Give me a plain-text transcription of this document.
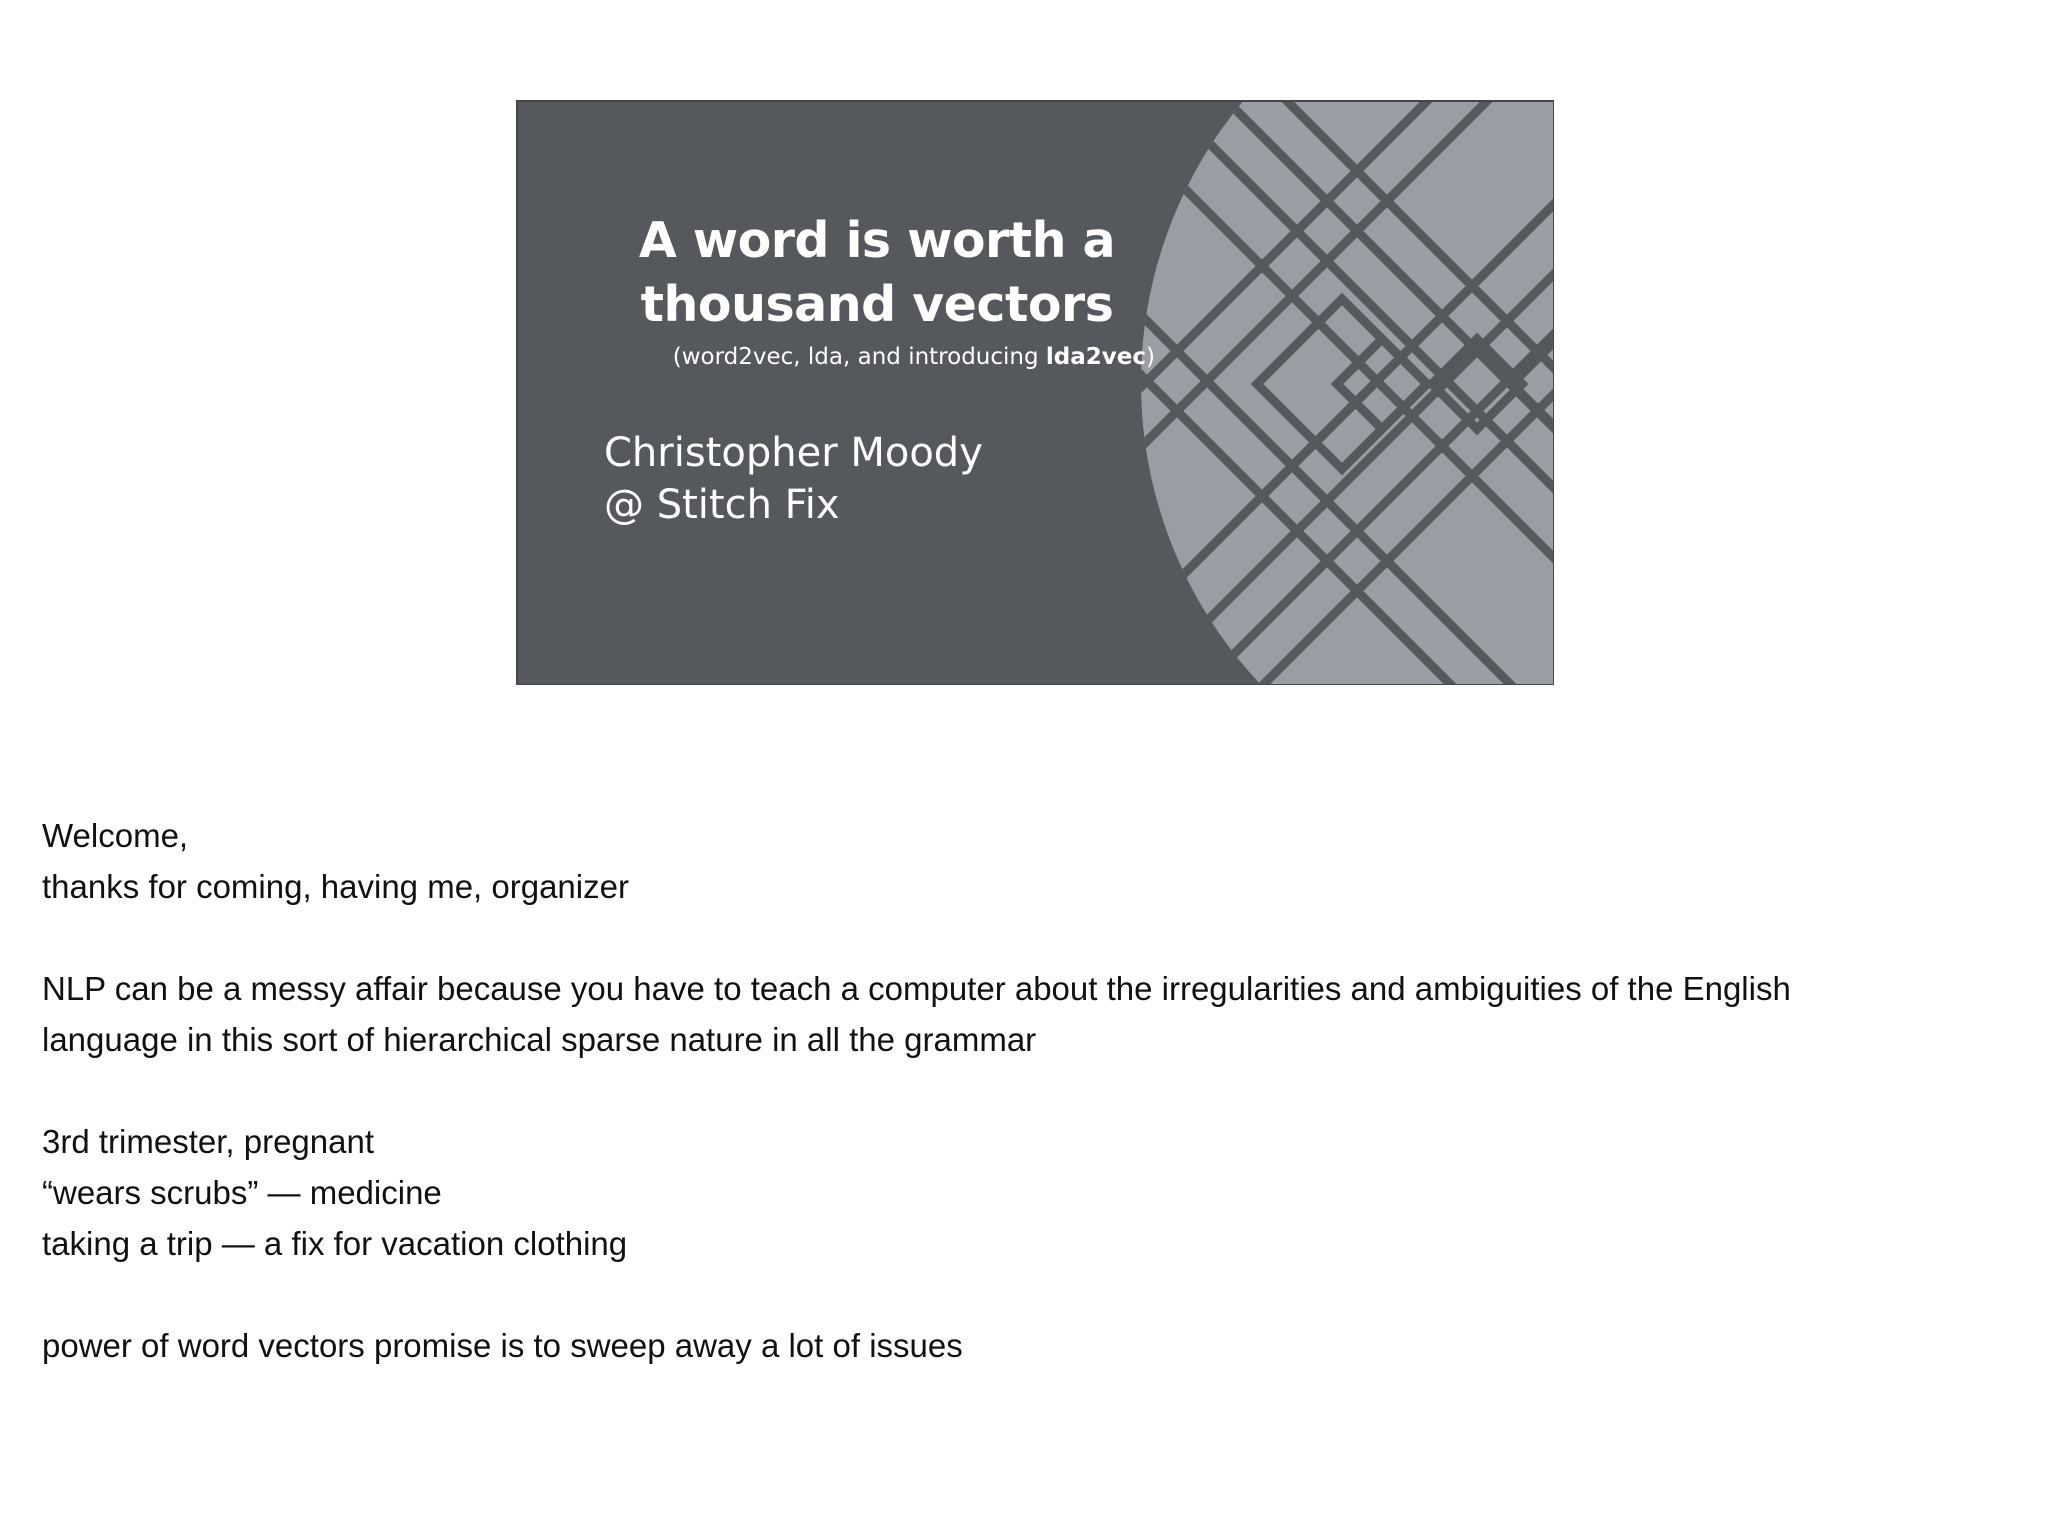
A word is worth a
thousand vectors
(word2vec, lda, and introducing lda2vec)
Christopher Moody
@ Stitch Fix

Welcome,

thanks for coming, having me, organizer

NLP can be a messy affair because you have to teach a computer about the irregularities and ambiguities of the English

language in this sort of hierarchical sparse nature in all the grammar

3rd trimester, pregnant

“wears scrubs” — medicine

taking a trip — a fix for vacation clothing

power of word vectors promise is to sweep away a lot of issues
